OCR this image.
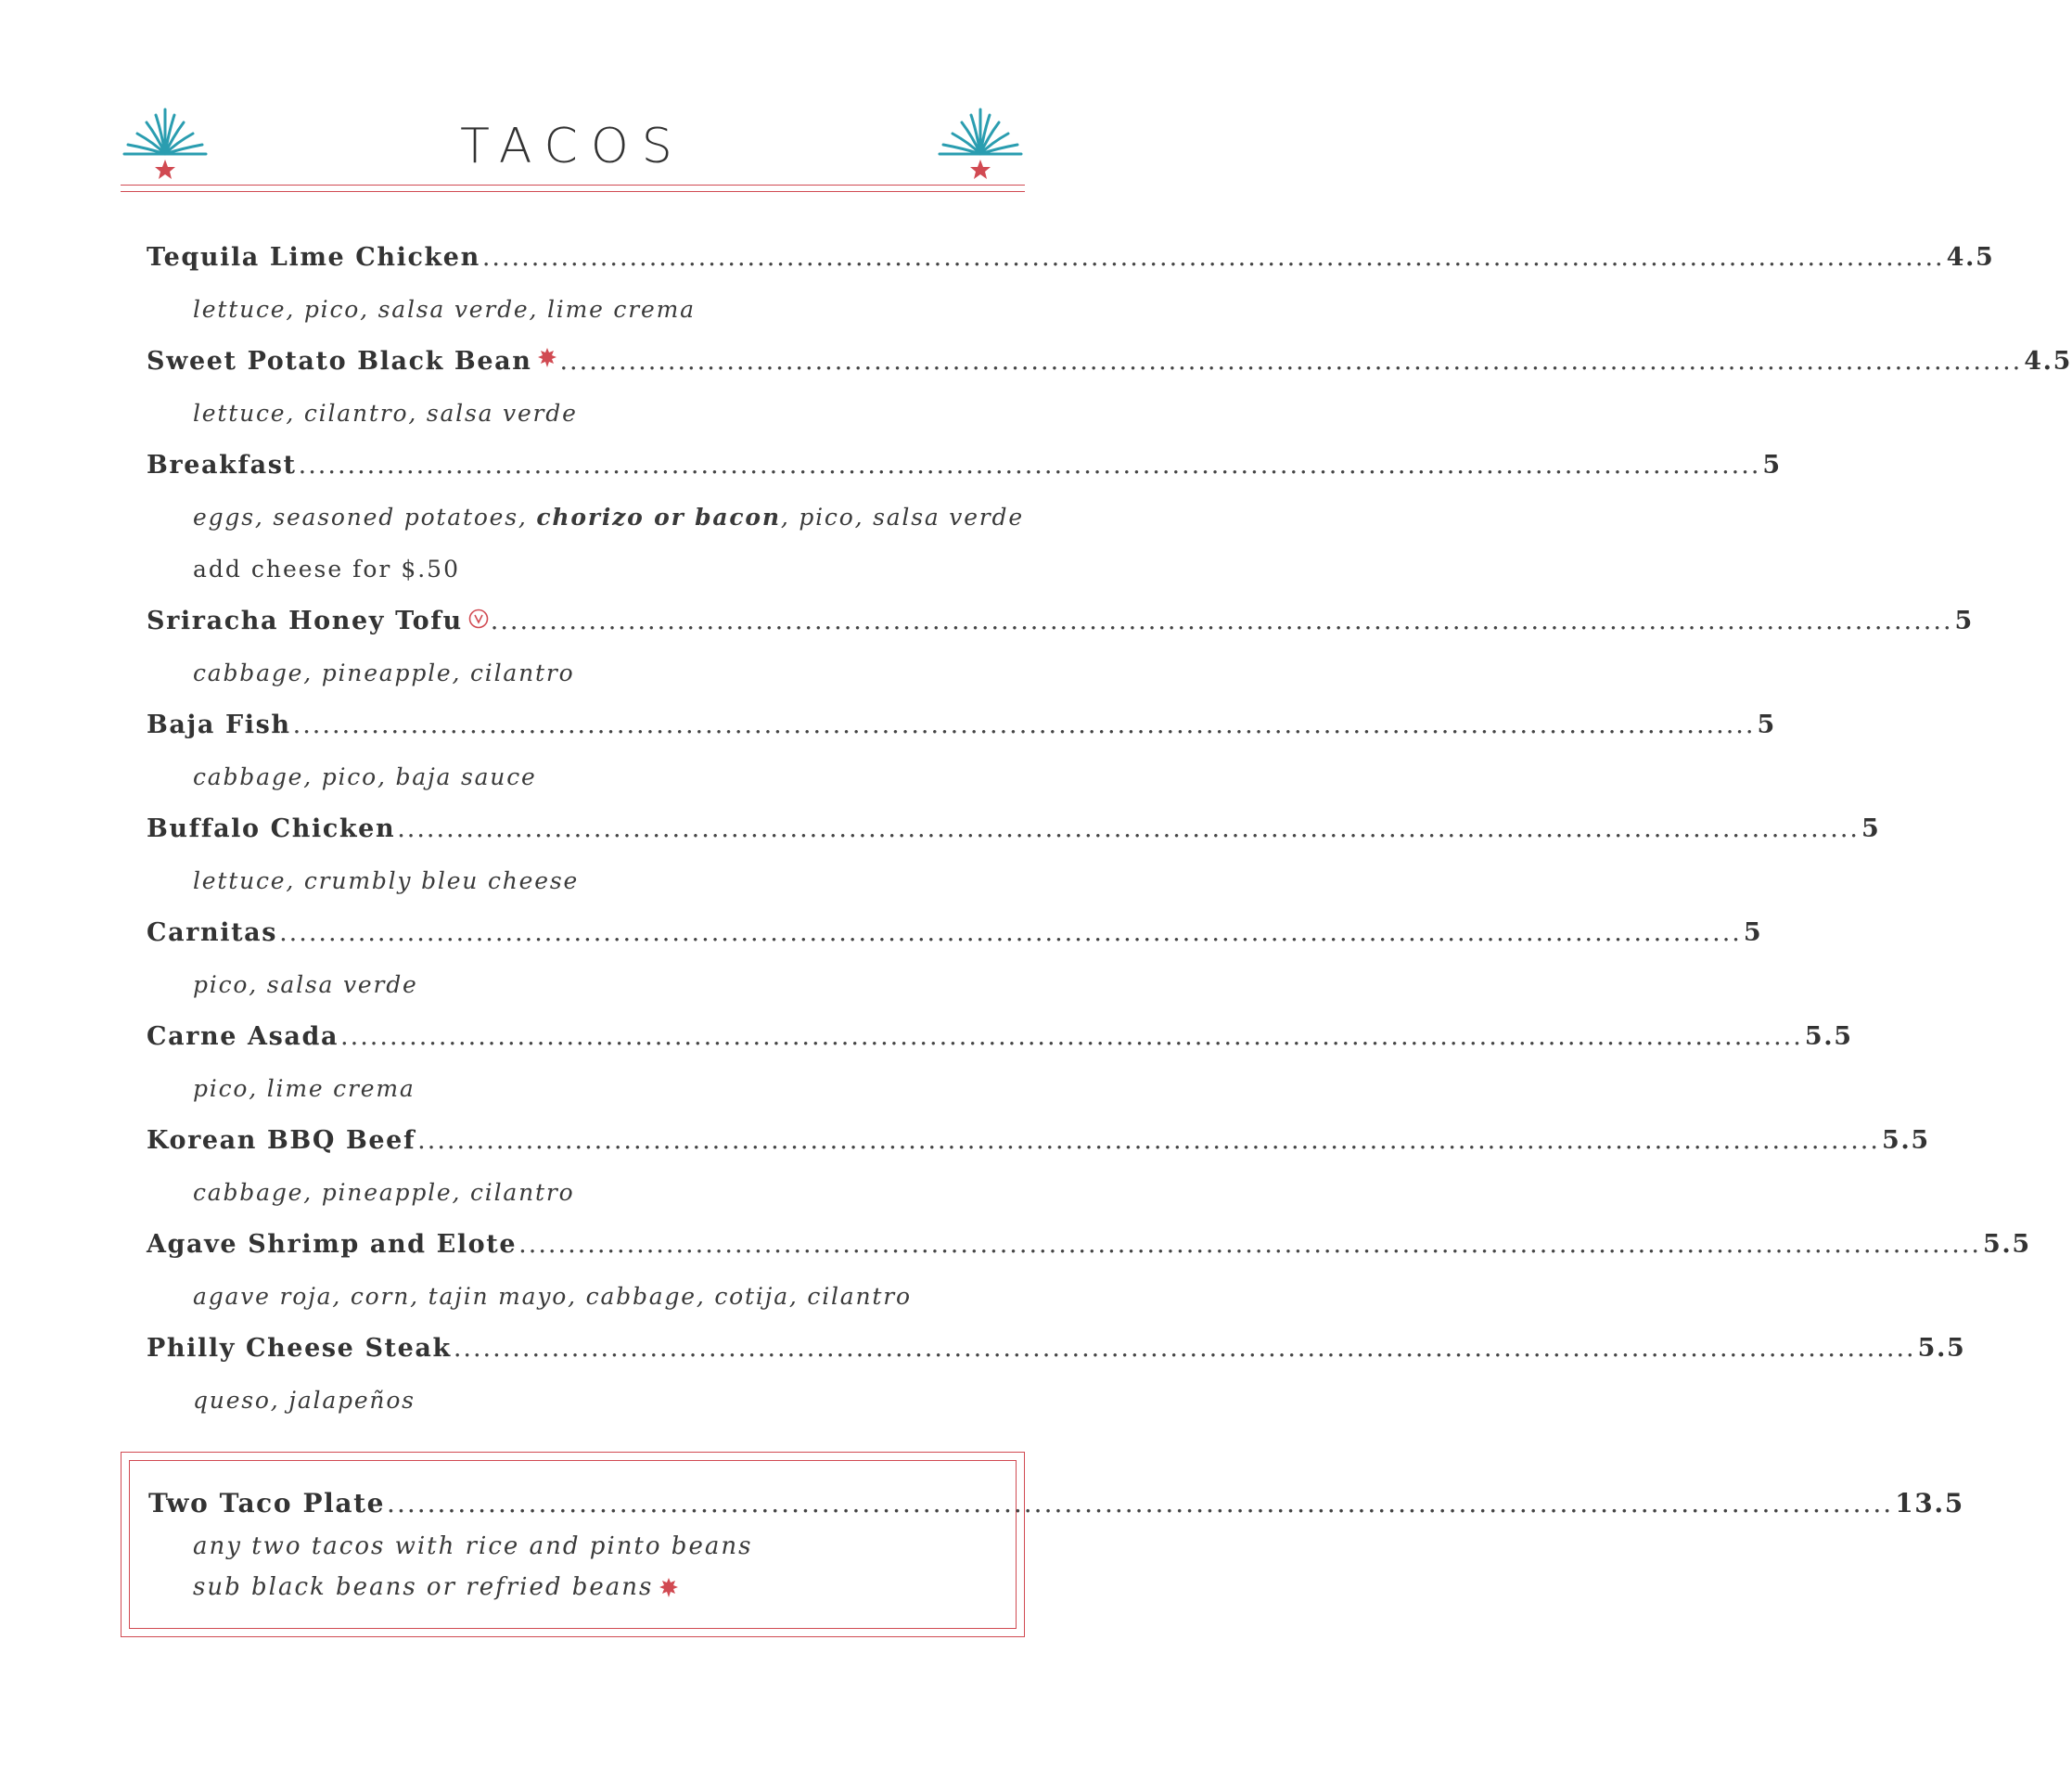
TACOS
Tequila Lime Chicken ..................................................................................................................................................... 4.5
lettuce, pico, salsa verde, lime crema
Sweet Potato Black Bean ..................................................................................................................................................... 4.5
lettuce, cilantro, salsa verde
Breakfast ..................................................................................................................................................... 5
eggs, seasoned potatoes, chorizo or bacon, pico, salsa verde
add cheese for $.50
Sriracha Honey Tofu ..................................................................................................................................................... 5
cabbage, pineapple, cilantro
Baja Fish ..................................................................................................................................................... 5
cabbage, pico, baja sauce
Buffalo Chicken ..................................................................................................................................................... 5
lettuce, crumbly bleu cheese
Carnitas ..................................................................................................................................................... 5
pico, salsa verde
Carne Asada ..................................................................................................................................................... 5.5
pico, lime crema
Korean BBQ Beef ..................................................................................................................................................... 5.5
cabbage, pineapple, cilantro
Agave Shrimp and Elote ..................................................................................................................................................... 5.5
agave roja, corn, tajin mayo, cabbage, cotija, cilantro
Philly Cheese Steak ..................................................................................................................................................... 5.5
queso, jalapeños
Two Taco Plate ..................................................................................................................................................... 13.5
any two tacos with rice and pinto beans
sub black beans or refried beans
